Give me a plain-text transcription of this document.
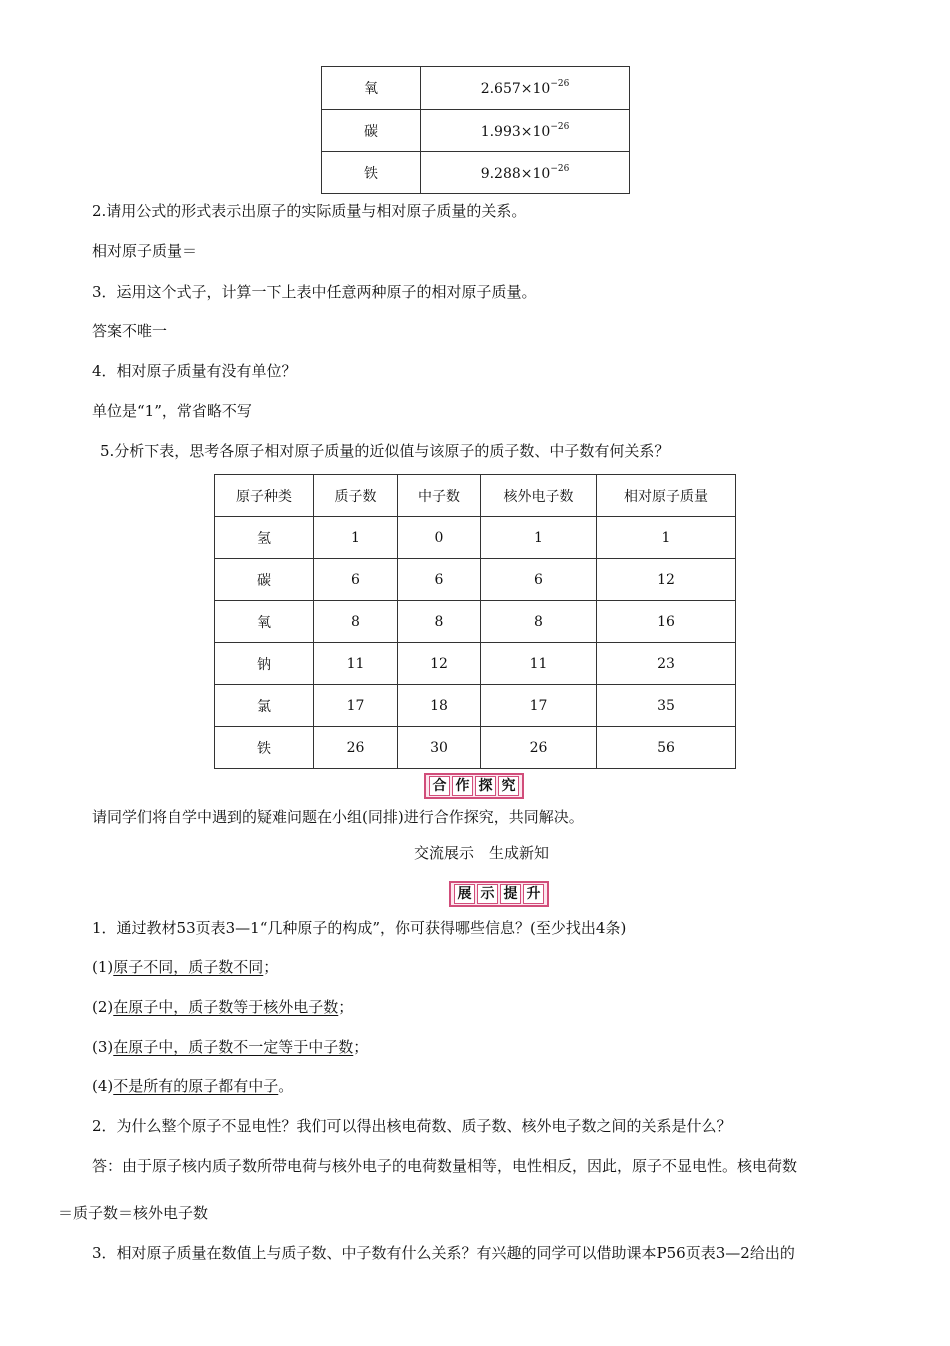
氧	$2.657\times 10^{-26}$
碳	$1.993\times 10^{-26}$
铁	$9.288\times 10^{-26}$
2.请用公式的形式表示出原子的实际质量与相对原子质量的关系。
相对原子质量＝
3．运用这个式子，计算一下上表中任意两种原子的相对原子质量。
答案不唯一
4．相对原子质量有没有单位？
单位是“1”，常省略不写
5.分析下表，思考各原子相对原子质量的近似值与该原子的质子数、中子数有何关系？
原子种类	质子数	中子数	核外电子数	相对原子质量
氢	1	0	1	1
碳	6	6	6	12
氧	8	8	8	16
钠	11	12	11	23
氯	17	18	17	35
铁	26	30	26	56
合 作 探 究
请同学们将自学中遇到的疑难问题在小组(同排)进行合作探究，共同解决。
交流展示　生成新知
展 示 提 升
1．通过教材53页表3—1“几种原子的构成”，你可获得哪些信息？(至少找出4条)
(1)原子不同，质子数不同；
(2)在原子中，质子数等于核外电子数；
(3)在原子中，质子数不一定等于中子数；
(4)不是所有的原子都有中子。
2．为什么整个原子不显电性？我们可以得出核电荷数、质子数、核外电子数之间的关系是什么？
答：由于原子核内质子数所带电荷与核外电子的电荷数量相等，电性相反，因此，原子不显电性。核电荷数
＝质子数＝核外电子数
3．相对原子质量在数值上与质子数、中子数有什么关系？有兴趣的同学可以借助课本P56页表3—2给出的
